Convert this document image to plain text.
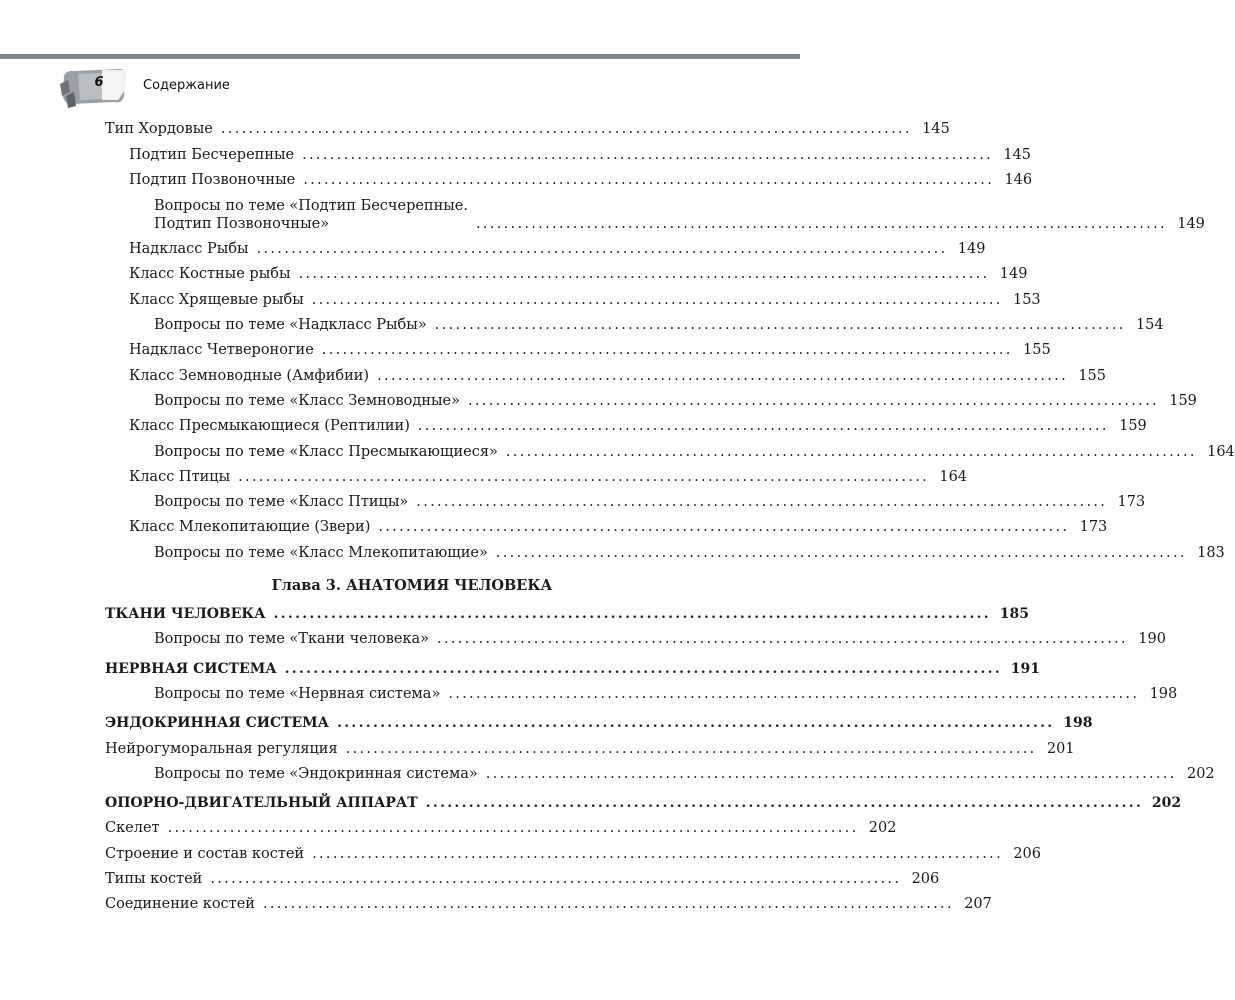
6	Содержание
Тип Хордовые .................................................................................................... 145
Подтип Бесчерепные .................................................................................................... 145
Подтип Позвоночные .................................................................................................... 146
Вопросы по теме «Подтип Бесчерепные.
Подтип Позвоночные»	.................................................................................................... 149
Надкласс Рыбы .................................................................................................... 149
Класс Костные рыбы .................................................................................................... 149
Класс Хрящевые рыбы .................................................................................................... 153
Вопросы по теме «Надкласс Рыбы» .................................................................................................... 154
Надкласс Четвероногие .................................................................................................... 155
Класс Земноводные (Амфибии) .................................................................................................... 155
Вопросы по теме «Класс Земноводные» .................................................................................................... 159
Класс Пресмыкающиеся (Рептилии) .................................................................................................... 159
Вопросы по теме «Класс Пресмыкающиеся» .................................................................................................... 164
Класс Птицы .................................................................................................... 164
Вопросы по теме «Класс Птицы» .................................................................................................... 173
Класс Млекопитающие (Звери) .................................................................................................... 173
Вопросы по теме «Класс Млекопитающие» .................................................................................................... 183
Глава 3. АНАТОМИЯ ЧЕЛОВЕКА
ТКАНИ ЧЕЛОВЕКА .................................................................................................... 185
Вопросы по теме «Ткани человека» .................................................................................................... 190
НЕРВНАЯ СИСТЕМА .................................................................................................... 191
Вопросы по теме «Нервная система» .................................................................................................... 198
ЭНДОКРИННАЯ СИСТЕМА .................................................................................................... 198
Нейрогуморальная регуляция .................................................................................................... 201
Вопросы по теме «Эндокринная система» .................................................................................................... 202
ОПОРНО-ДВИГАТЕЛЬНЫЙ АППАРАТ .................................................................................................... 202
Скелет .................................................................................................... 202
Строение и состав костей .................................................................................................... 206
Типы костей .................................................................................................... 206
Соединение костей .................................................................................................... 207
